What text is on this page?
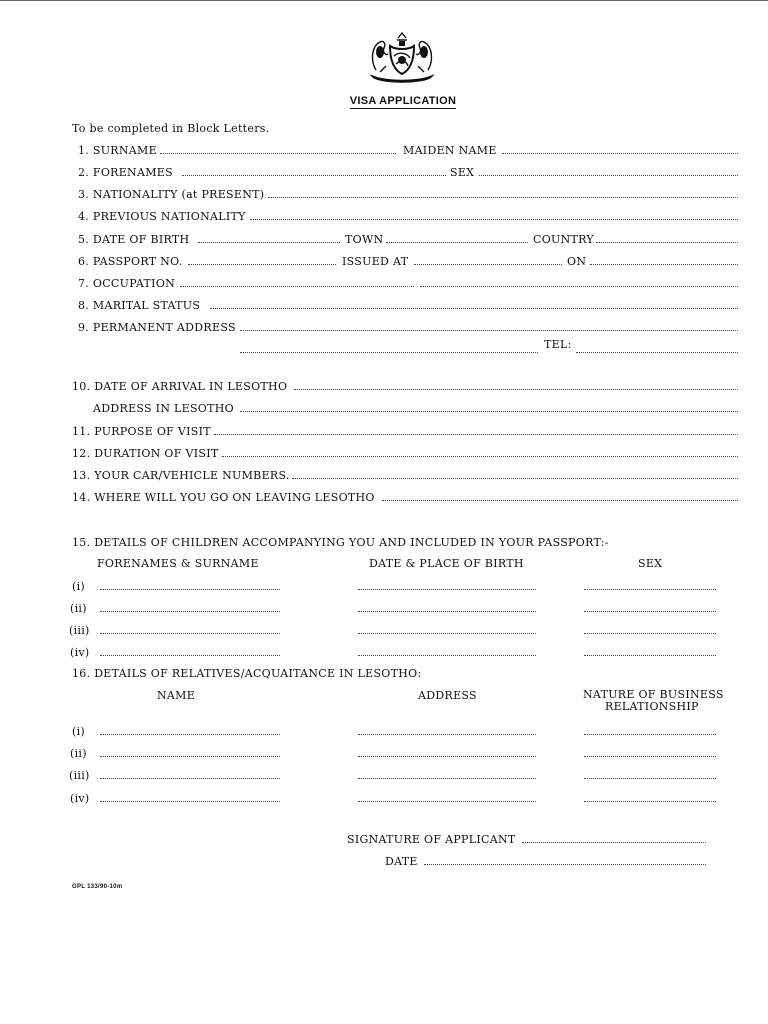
VISA APPLICATION
To be completed in Block Letters.
1. SURNAME	MAIDEN NAME
2. FORENAMES	SEX
3. NATIONALITY (at PRESENT)
4. PREVIOUS NATIONALITY
5. DATE OF BIRTH	TOWN	COUNTRY
6. PASSPORT NO.	ISSUED AT	ON
7. OCCUPATION
8. MARITAL STATUS
9. PERMANENT ADDRESS
TEL:
10. DATE OF ARRIVAL IN LESOTHO
ADDRESS IN LESOTHO
11. PURPOSE OF VISIT
12. DURATION OF VISIT
13. YOUR CAR/VEHICLE NUMBERS.
14. WHERE WILL YOU GO ON LEAVING LESOTHO
15. DETAILS OF CHILDREN ACCOMPANYING YOU AND INCLUDED IN YOUR PASSPORT:-
FORENAMES & SURNAME	DATE & PLACE OF BIRTH	SEX
(i)
(ii)
(iii)
(iv)
16. DETAILS OF RELATIVES/ACQUAITANCE IN LESOTHO:
NAME	ADDRESS	NATURE OF BUSINESS
RELATIONSHIP
(i)
(ii)
(iii)
(iv)
SIGNATURE OF APPLICANT
DATE
GPL 133/90-10m
